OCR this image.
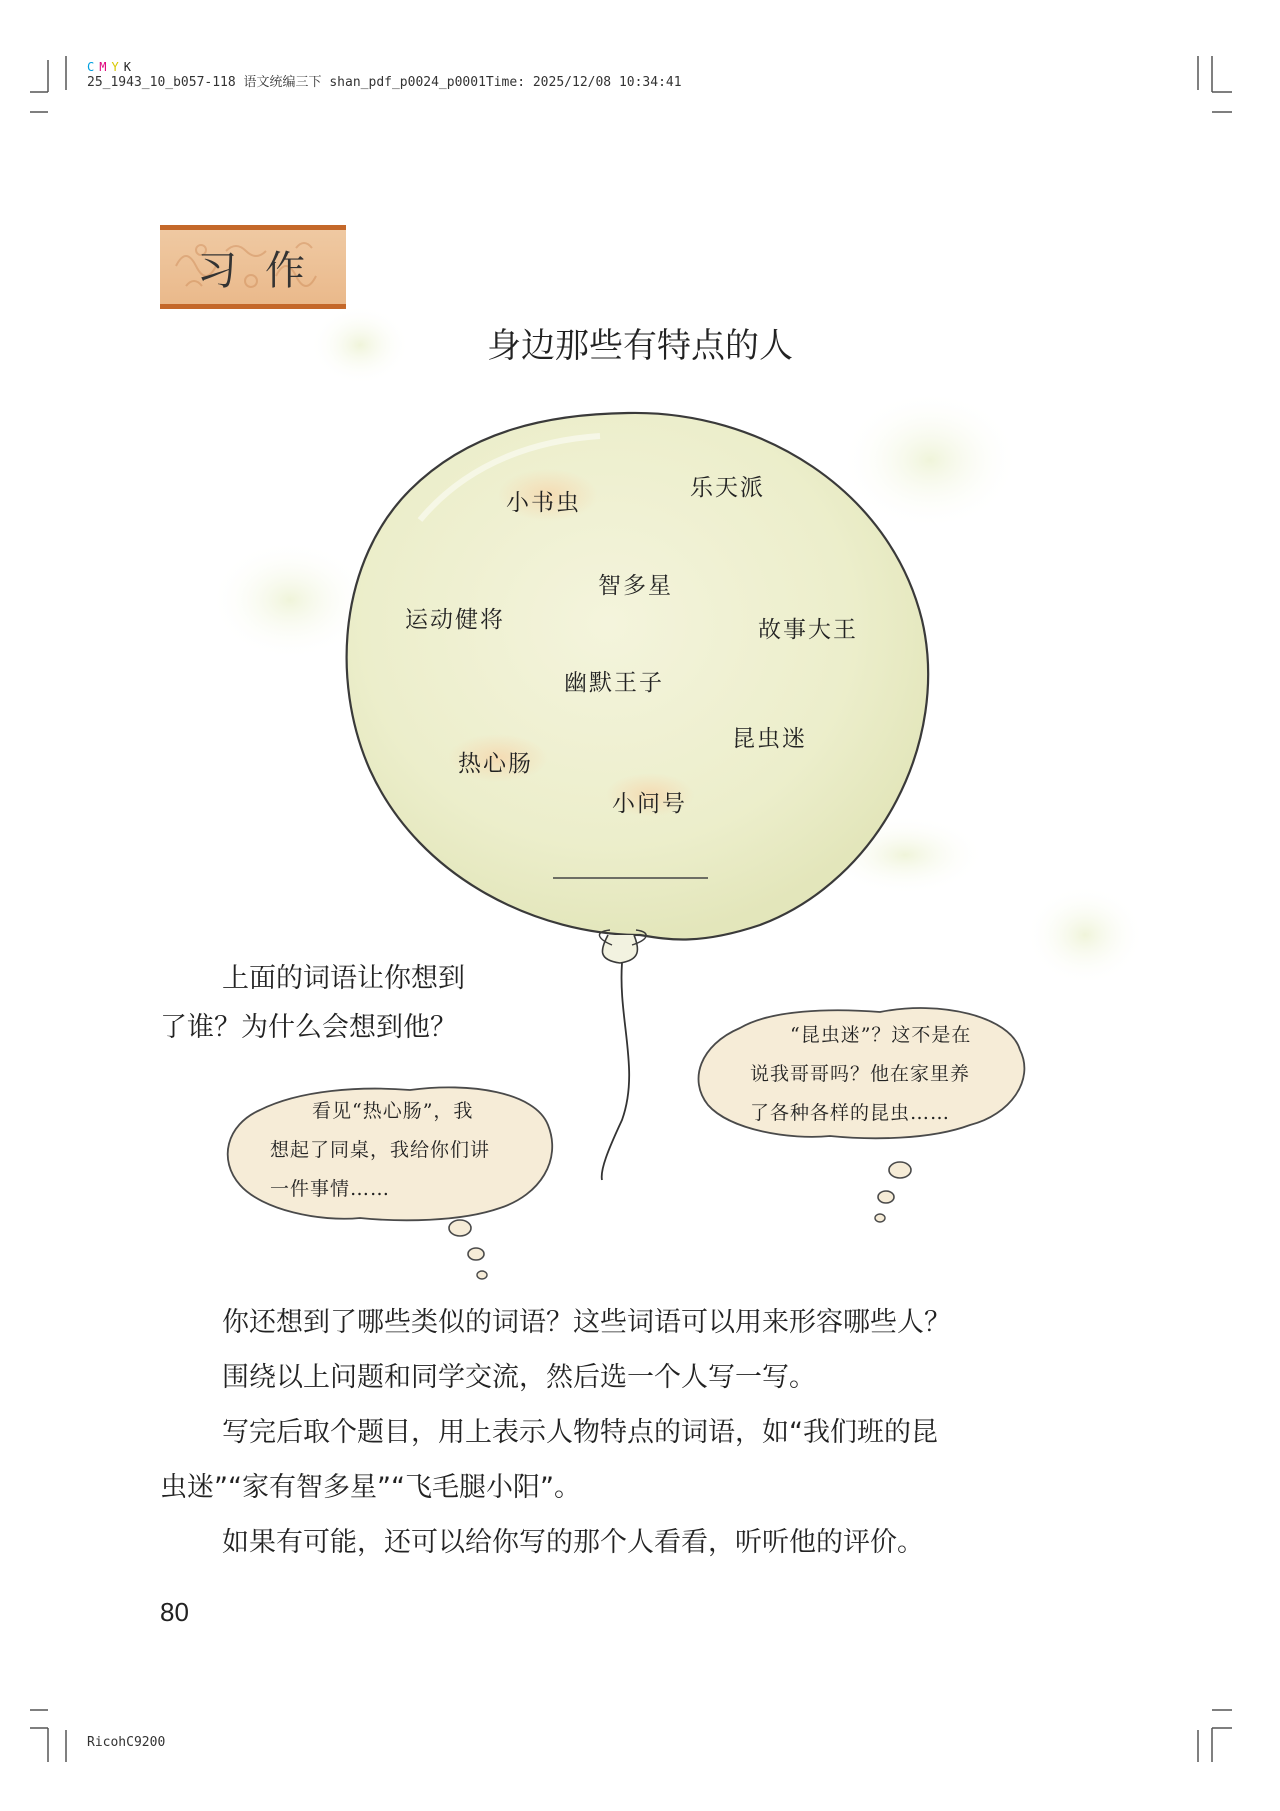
CMYK
25_1943_10_b057-118 语文统编三下 shan_pdf_p0024_p0001Time: 2025/12/08 10:34:41
习作
身边那些有特点的人
小书虫
乐天派
智多星
运动健将	故事大王
幽默王子
昆虫迷
热心肠
小问号
上面的词语让你想到
了谁？为什么会想到他？	“昆虫迷”？这不是在
说我哥哥吗？他在家里养
了各种各样的昆虫……
看见“热心肠”，我
想起了同桌，我给你们讲
一件事情……
你还想到了哪些类似的词语？这些词语可以用来形容哪些人？
围绕以上问题和同学交流，然后选一个人写一写。
写完后取个题目，用上表示人物特点的词语，如“我们班的昆
虫迷”“家有智多星”“飞毛腿小阳”。
如果有可能，还可以给你写的那个人看看，听听他的评价。
80
RicohC9200
